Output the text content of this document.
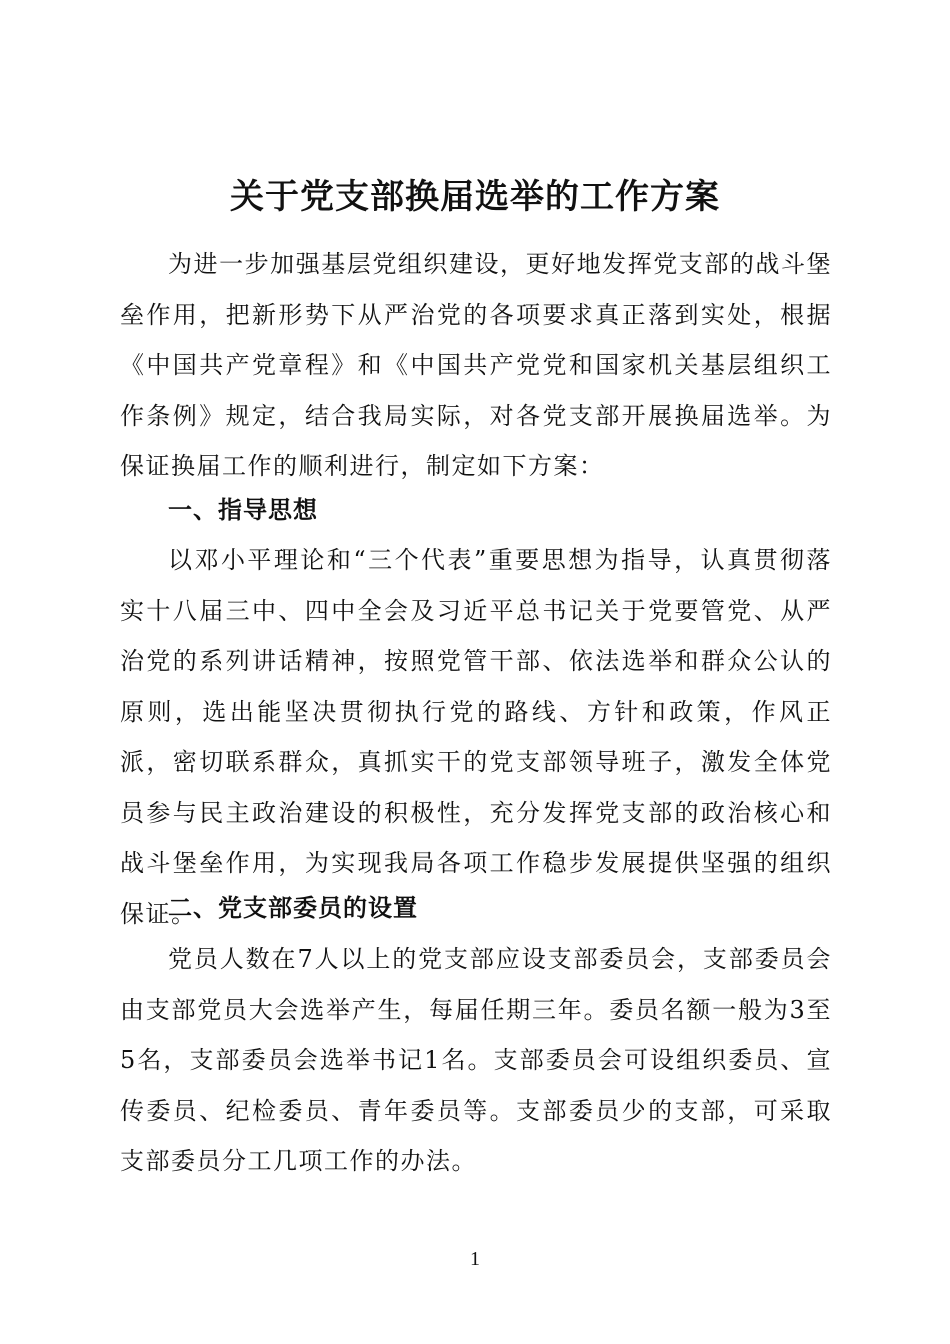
关于党支部换届选举的工作方案
为进一步加强基层党组织建设，更好地发挥党支部的战斗堡垒作用，把新形势下从严治党的各项要求真正落到实处，根据《中国共产党章程》和《中国共产党党和国家机关基层组织工作条例》规定，结合我局实际，对各党支部开展换届选举。为保证换届工作的顺利进行，制定如下方案：
一、指导思想
以邓小平理论和“三个代表”重要思想为指导，认真贯彻落实十八届三中、四中全会及习近平总书记关于党要管党、从严治党的系列讲话精神，按照党管干部、依法选举和群众公认的原则，选出能坚决贯彻执行党的路线、方针和政策，作风正派，密切联系群众，真抓实干的党支部领导班子，激发全体党员参与民主政治建设的积极性，充分发挥党支部的政治核心和战斗堡垒作用，为实现我局各项工作稳步发展提供坚强的组织保证。
二、党支部委员的设置
党员人数在7人以上的党支部应设支部委员会，支部委员会由支部党员大会选举产生，每届任期三年。委员名额一般为3至5名，支部委员会选举书记1名。支部委员会可设组织委员、宣传委员、纪检委员、青年委员等。支部委员少的支部，可采取支部委员分工几项工作的办法。
1
